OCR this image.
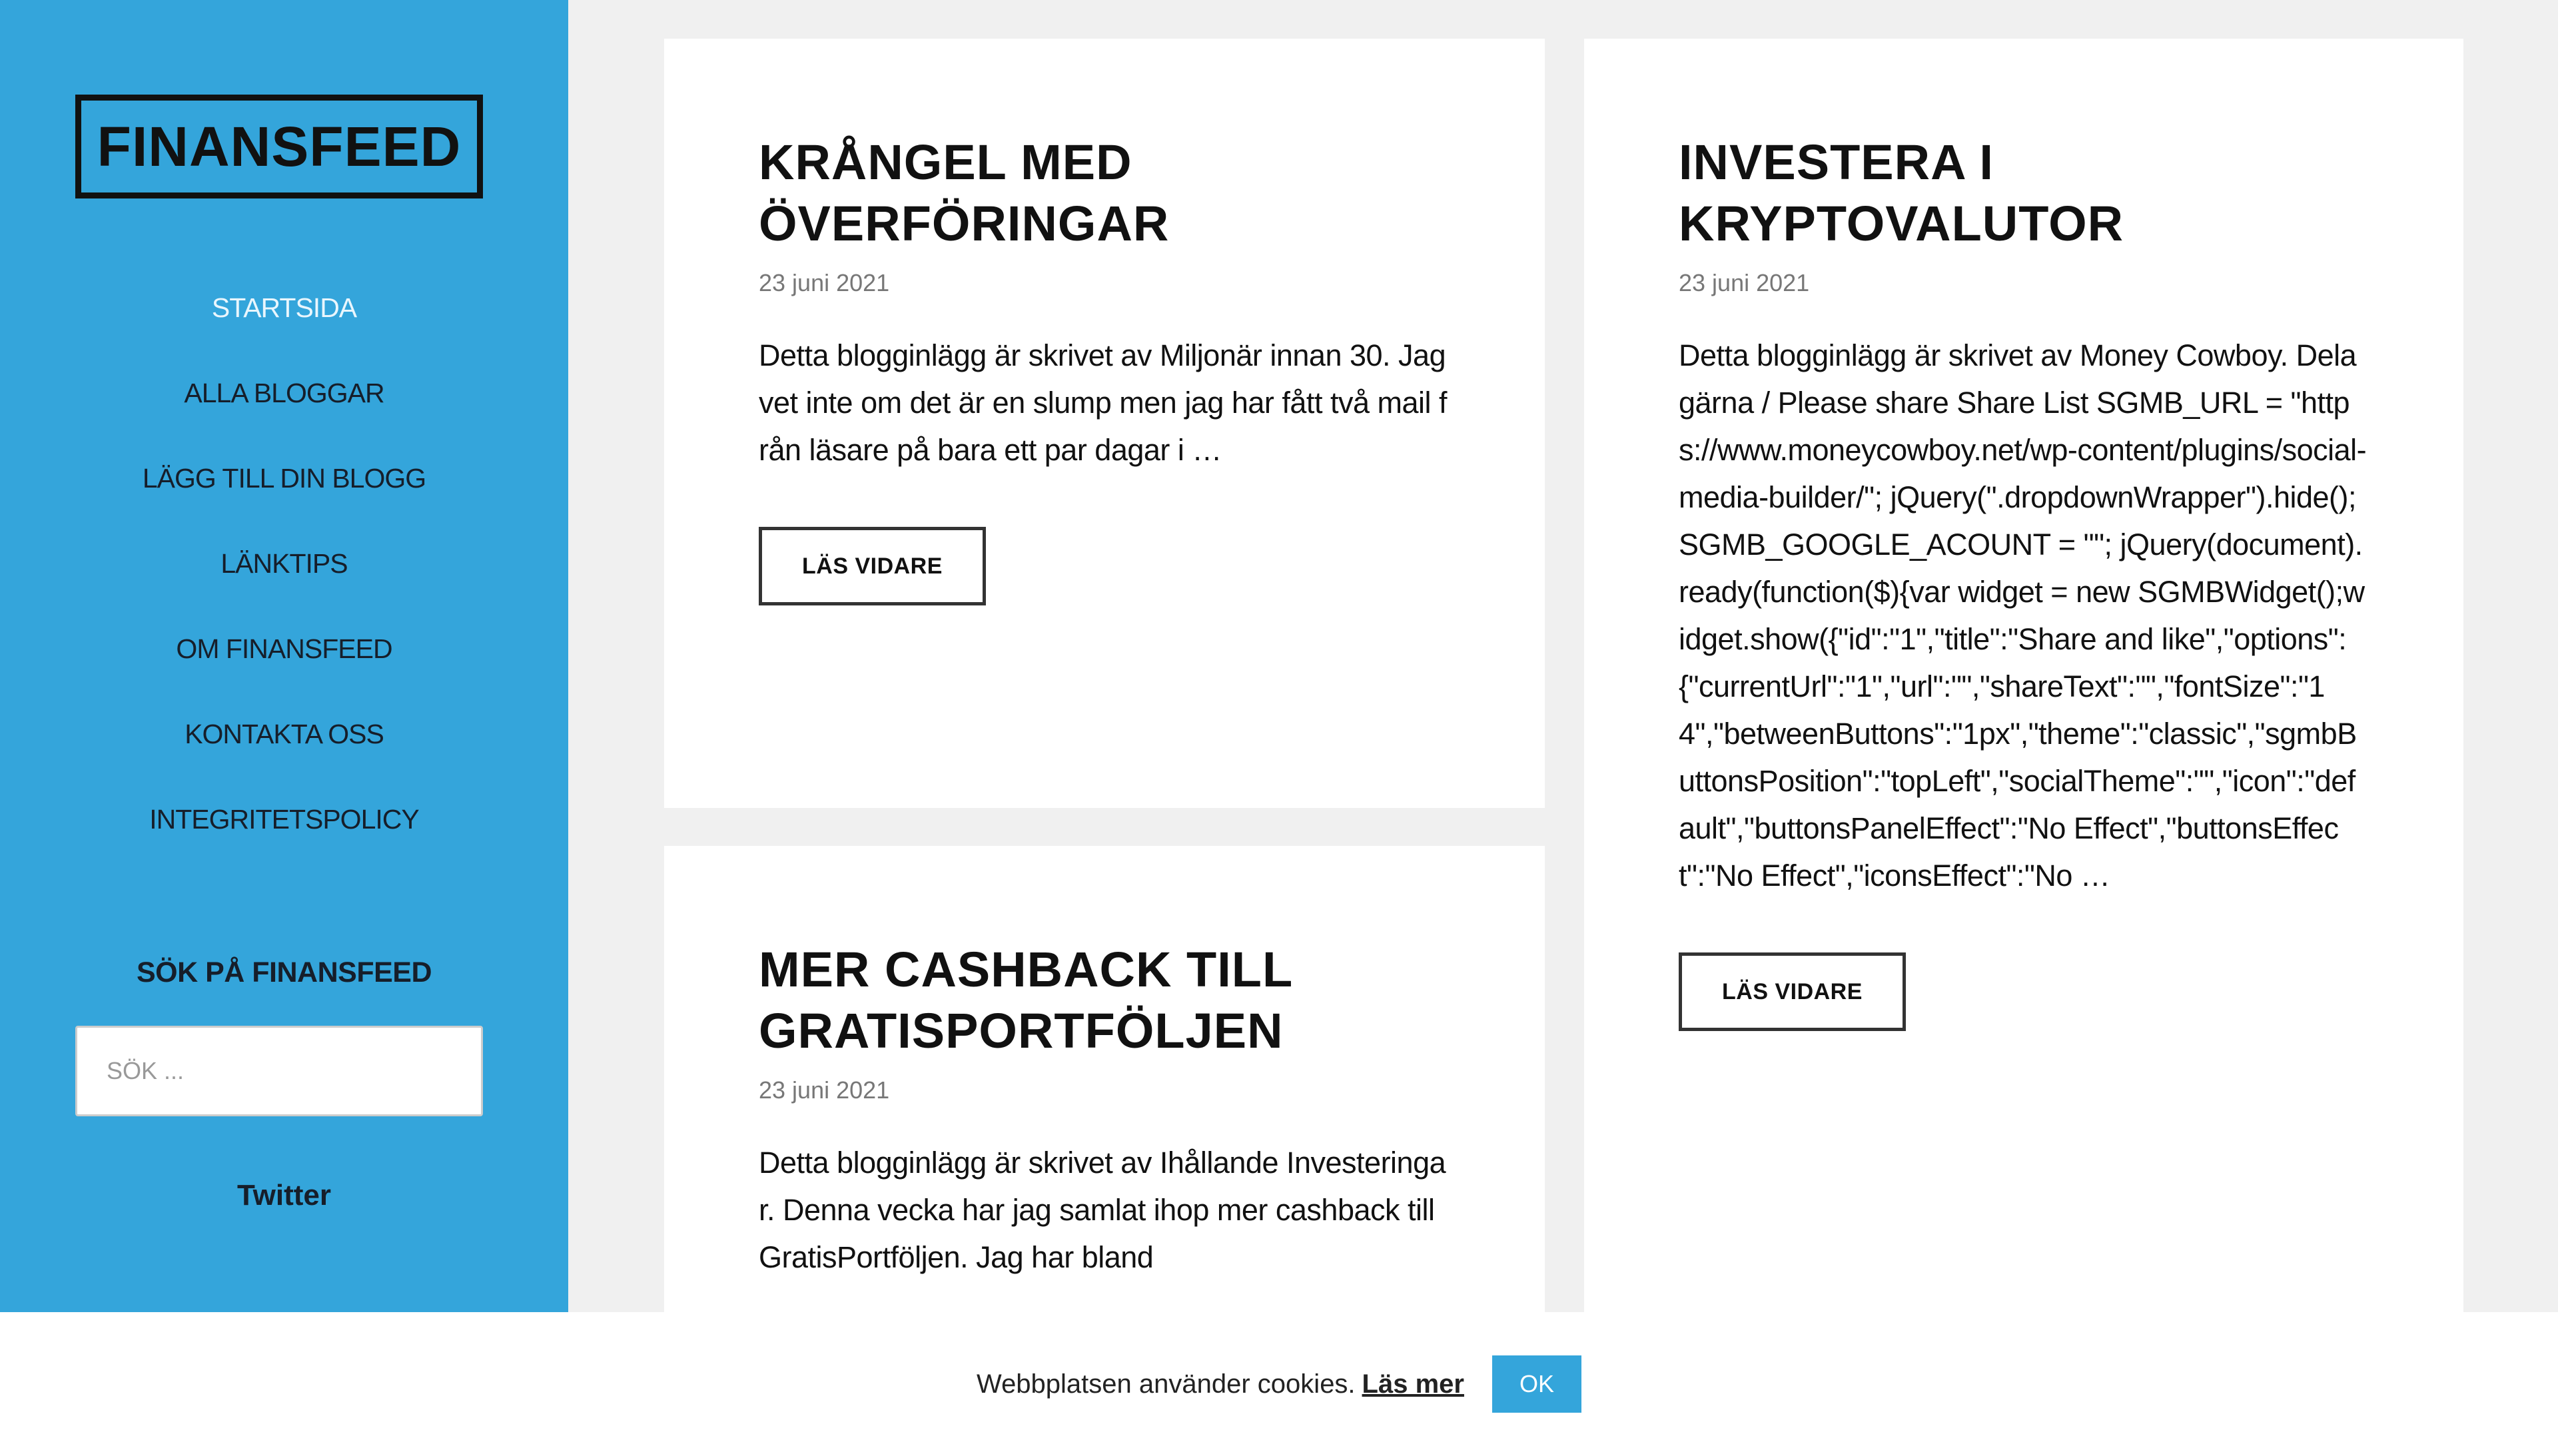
FINANSFEED
STARTSIDA
ALLA BLOGGAR
LÄGG TILL DIN BLOGG
LÄNKTIPS
OM FINANSFEED
KONTAKTA OSS
INTEGRITETSPOLICY
SÖK PÅ FINANSFEED
SÖK ...
Twitter
KRÅNGEL MED ÖVERFÖRINGAR
23 juni 2021
Detta blogginlägg är skrivet av Miljonär innan 30. Jag vet inte om det är en slump men jag har fått två mail från läsare på bara ett par dagar i …
LÄS VIDARE
INVESTERA I KRYPTOVALUTOR
23 juni 2021
Detta blogginlägg är skrivet av Money Cowboy. Dela gärna / Please share Share List SGMB_URL = "https://www.moneycowboy.net/wp-content/plugins/social-media-builder/"; jQuery(".dropdownWrapper").hide(); SGMB_GOOGLE_ACOUNT = ""; jQuery(document).ready(function($){var widget = new SGMBWidget();widget.show({"id":"1","title":"Share and like","options":{"currentUrl":"1","url":"","shareText":"","fontSize":"14","betweenButtons":"1px","theme":"classic","sgmbButtonsPosition":"topLeft","socialTheme":"","icon":"default","buttonsPanelEffect":"No Effect","buttonsEffect":"No Effect","iconsEffect":"No …
LÄS VIDARE
MER CASHBACK TILL GRATISPORTFÖLJEN
23 juni 2021
Detta blogginlägg är skrivet av Ihållande Investeringar. Denna vecka har jag samlat ihop mer cashback till GratisPortföljen. Jag har bland
Webbplatsen använder cookies. Läs mer	OK
